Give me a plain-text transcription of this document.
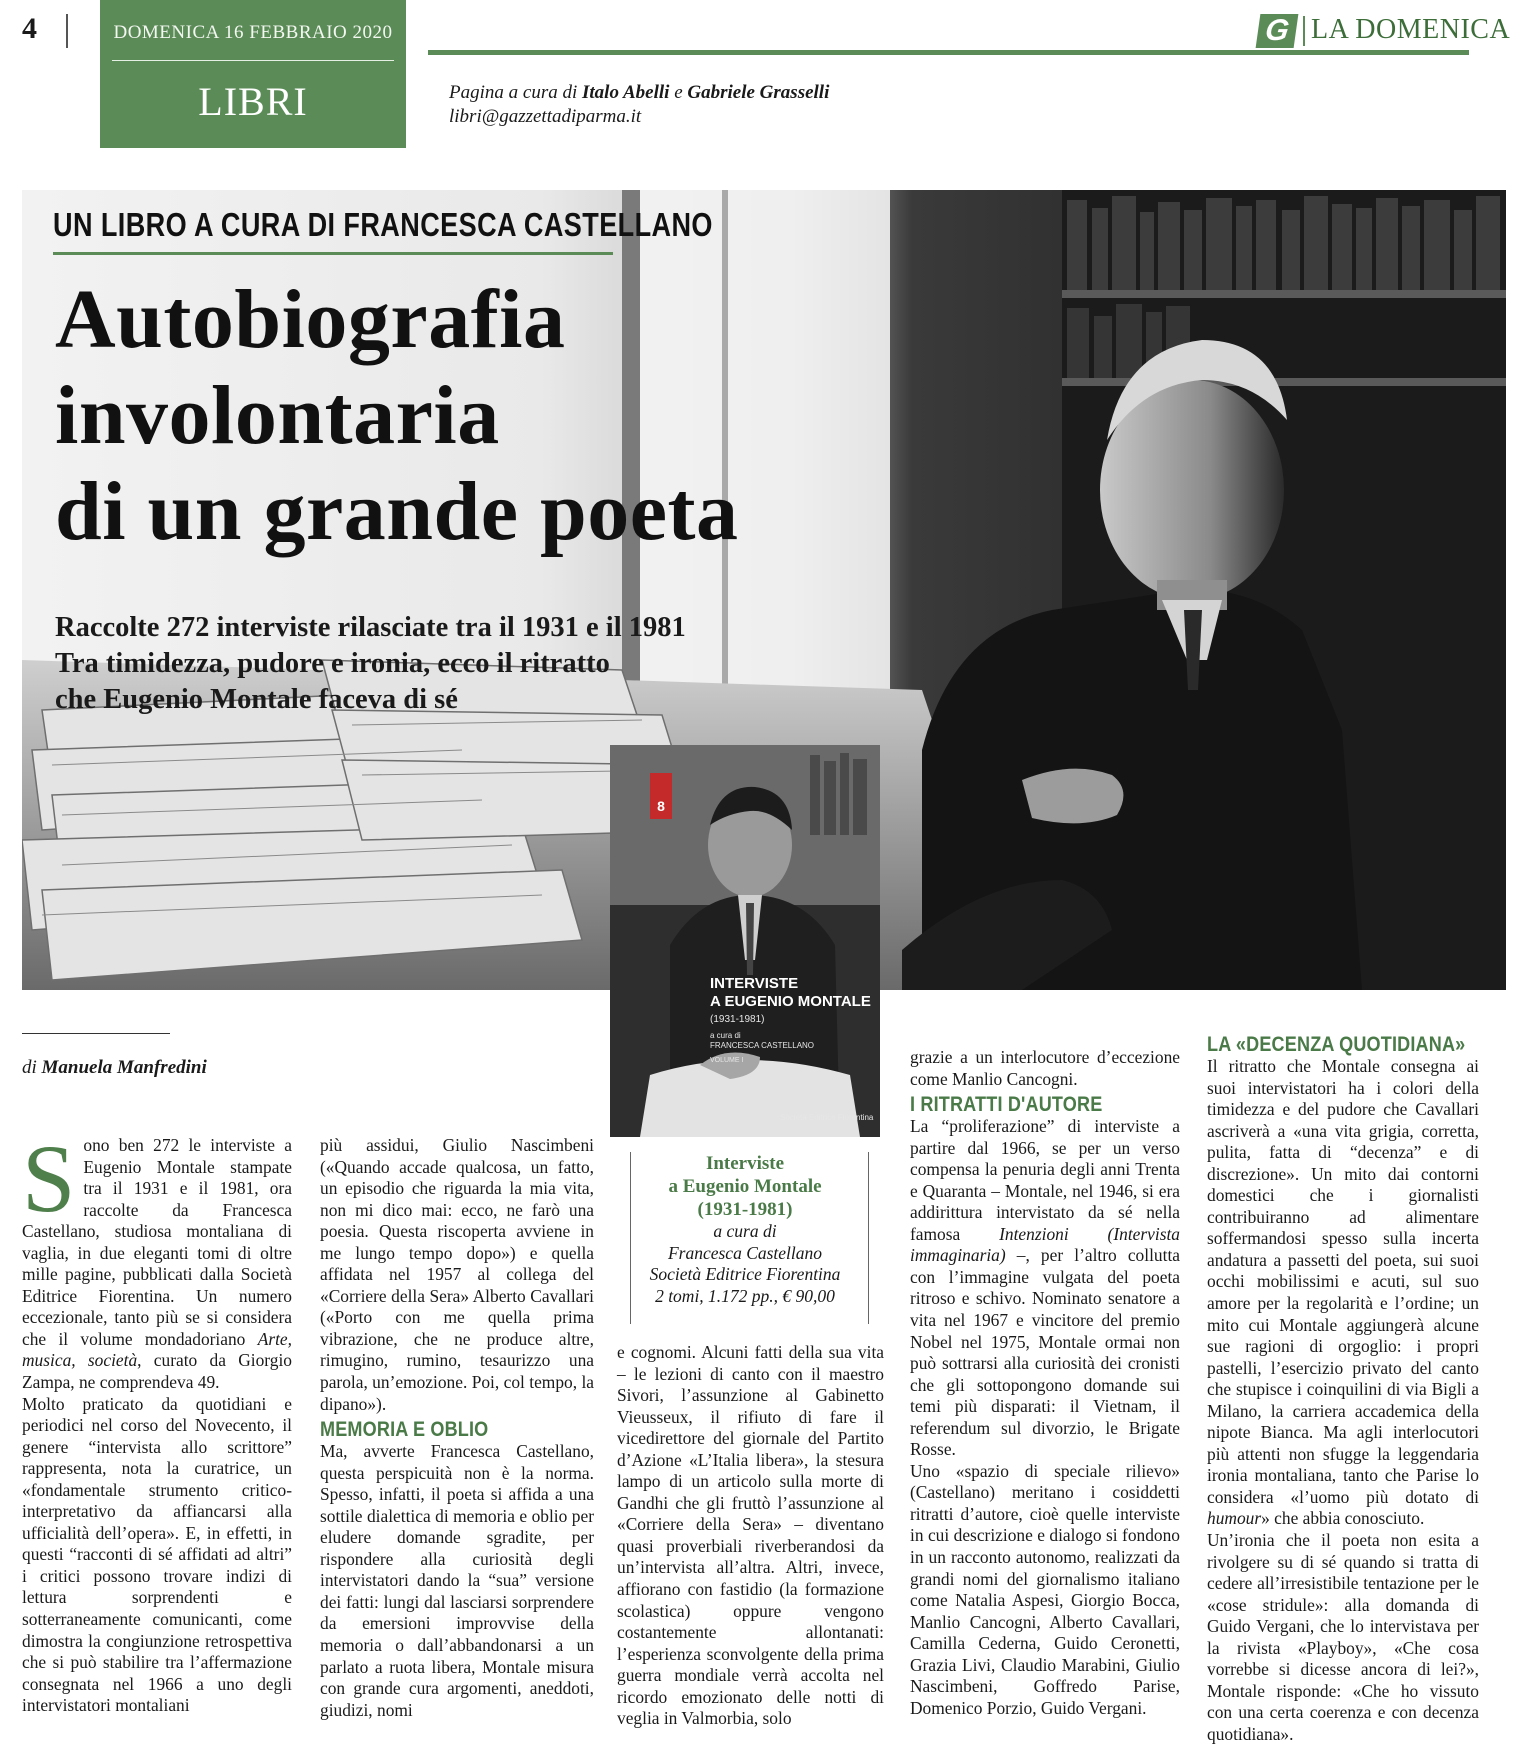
4	DOMENICA 16 FEBBRAIO 2020
LIBRI
G LA DOMENICA
Pagina a cura di Italo Abelli e Gabriele Grasselli
libri@gazzettadiparma.it
UN LIBRO A CURA DI FRANCESCA CASTELLANO
Autobiografia
involontaria
di un grande poeta
Raccolte 272 interviste rilasciate tra il 1931 e il 1981
Tra timidezza, pudore e ironia, ecco il ritratto
che Eugenio Montale faceva di sé
8
INTERVISTE
A EUGENIO MONTALE
(1931-1981)
a cura di
FRANCESCA CASTELLANO
VOLUME I
Società Editrice Fiorentina
Interviste
a Eugenio Montale
(1931-1981)
a cura di
Francesca Castellano
Società Editrice Fiorentina
2 tomi, 1.172 pp., € 90,00
di Manuela Manfredini

Sono ben 272 le interviste a Eugenio Montale stampate tra il 1931 e il 1981, ora raccolte da Francesca Castellano, studiosa montaliana di vaglia, in due eleganti tomi di oltre mille pagine, pubblicati dalla Società Editrice Fiorentina. Un numero eccezionale, tanto più se si considera che il volume mondadoriano Arte, musica, società, curato da Giorgio Zampa, ne comprendeva 49.

Molto praticato da quotidiani e periodici nel corso del Novecento, il genere “intervista allo scrittore” rappresenta, nota la curatrice, un «fondamentale strumento critico-interpretativo da affiancarsi alla ufficialità dell’opera». E, in effetti, in questi “racconti di sé affidati ad altri” i critici possono trovare indizi di lettura sorprendenti e sotterraneamente comunicanti, come dimostra la congiunzione retrospettiva che si può stabilire tra l’affermazione consegnata nel 1966 a uno degli intervistatori montaliani

più assidui, Giulio Nascimbeni («Quando accade qualcosa, un fatto, un episodio che riguarda la mia vita, non mi dico mai: ecco, ne farò una poesia. Questa riscoperta avviene in me lungo tempo dopo») e quella affidata nel 1957 al collega del «Corriere della Sera» Alberto Cavallari («Porto con me quella prima vibrazione, che ne produce altre, rimugino, rumino, tesaurizzo una parola, un’emozione. Poi, col tempo, la dipano»).

MEMORIA E OBLIO

Ma, avverte Francesca Castellano, questa perspicuità non è la norma. Spesso, infatti, il poeta si affida a una sottile dialettica di memoria e oblio per eludere domande sgradite, per rispondere alla curiosità degli intervistatori dando la “sua” versione dei fatti: lungi dal lasciarsi sorprendere da emersioni improvvise della memoria o dall’abbandonarsi a un parlato a ruota libera, Montale misura con grande cura argomenti, aneddoti, giudizi, nomi

e cognomi. Alcuni fatti della sua vita – le lezioni di canto con il maestro Sivori, l’assunzione al Gabinetto Vieusseux, il rifiuto di fare il vicedirettore del giornale del Partito d’Azione «L’Italia libera», la stesura lampo di un articolo sulla morte di Gandhi che gli fruttò l’assunzione al «Corriere della Sera» – diventano quasi proverbiali riverberandosi da un’intervista all’altra. Altri, invece, affiorano con fastidio (la formazione scolastica) oppure vengono costantemente allontanati: l’esperienza sconvolgente della prima guerra mondiale verrà accolta nel ricordo emozionato delle notti di veglia in Valmorbia, solo

grazie a un interlocutore d’eccezione come Manlio Cancogni.

I RITRATTI D'AUTORE

La “proliferazione” di interviste a partire dal 1966, se per un verso compensa la penuria degli anni Trenta e Quaranta – Montale, nel 1946, si era addirittura intervistato da sé nella famosa Intenzioni (Intervista immaginaria) –, per l’altro collutta con l’immagine vulgata del poeta ritroso e schivo. Nominato senatore a vita nel 1967 e vincitore del premio Nobel nel 1975, Montale ormai non può sottrarsi alla curiosità dei cronisti che gli sottopongono domande sui temi più disparati: il Vietnam, il referendum sul divorzio, le Brigate Rosse.

Uno «spazio di speciale rilievo» (Castellano) meritano i cosiddetti ritratti d’autore, cioè quelle interviste in cui descrizione e dialogo si fondono in un racconto autonomo, realizzati da grandi nomi del giornalismo italiano come Natalia Aspesi, Giorgio Bocca, Manlio Cancogni, Alberto Cavallari, Camilla Cederna, Guido Ceronetti, Grazia Livi, Claudio Marabini, Giulio Nascimbeni, Goffredo Parise, Domenico Porzio, Guido Vergani.

LA «DECENZA QUOTIDIANA»

Il ritratto che Montale consegna ai suoi intervistatori ha i colori della timidezza e del pudore che Cavallari ascriverà a «una vita grigia, corretta, pulita, fatta di “decenza” e di discrezione». Un mito dai contorni domestici che i giornalisti contribuiranno ad alimentare soffermandosi spesso sulla incerta andatura a passetti del poeta, sui suoi occhi mobilissimi e acuti, sul suo amore per la regolarità e l’ordine; un mito cui Montale aggiungerà alcune sue ragioni di orgoglio: i propri pastelli, l’esercizio privato del canto che stupisce i coinquilini di via Bigli a Milano, la carriera accademica della nipote Bianca. Ma agli interlocutori più attenti non sfugge la leggendaria ironia montaliana, tanto che Parise lo considera «l’uomo più dotato di humour» che abbia conosciuto.

Un’ironia che il poeta non esita a rivolgere su di sé quando si tratta di cedere all’irresistibile tentazione per le «cose stridule»: alla domanda di Guido Vergani, che lo intervistava per la rivista «Playboy», «Che cosa vorrebbe si dicesse ancora di lei?», Montale risponde: «Che ho vissuto con una certa coerenza e con decenza quotidiana».
